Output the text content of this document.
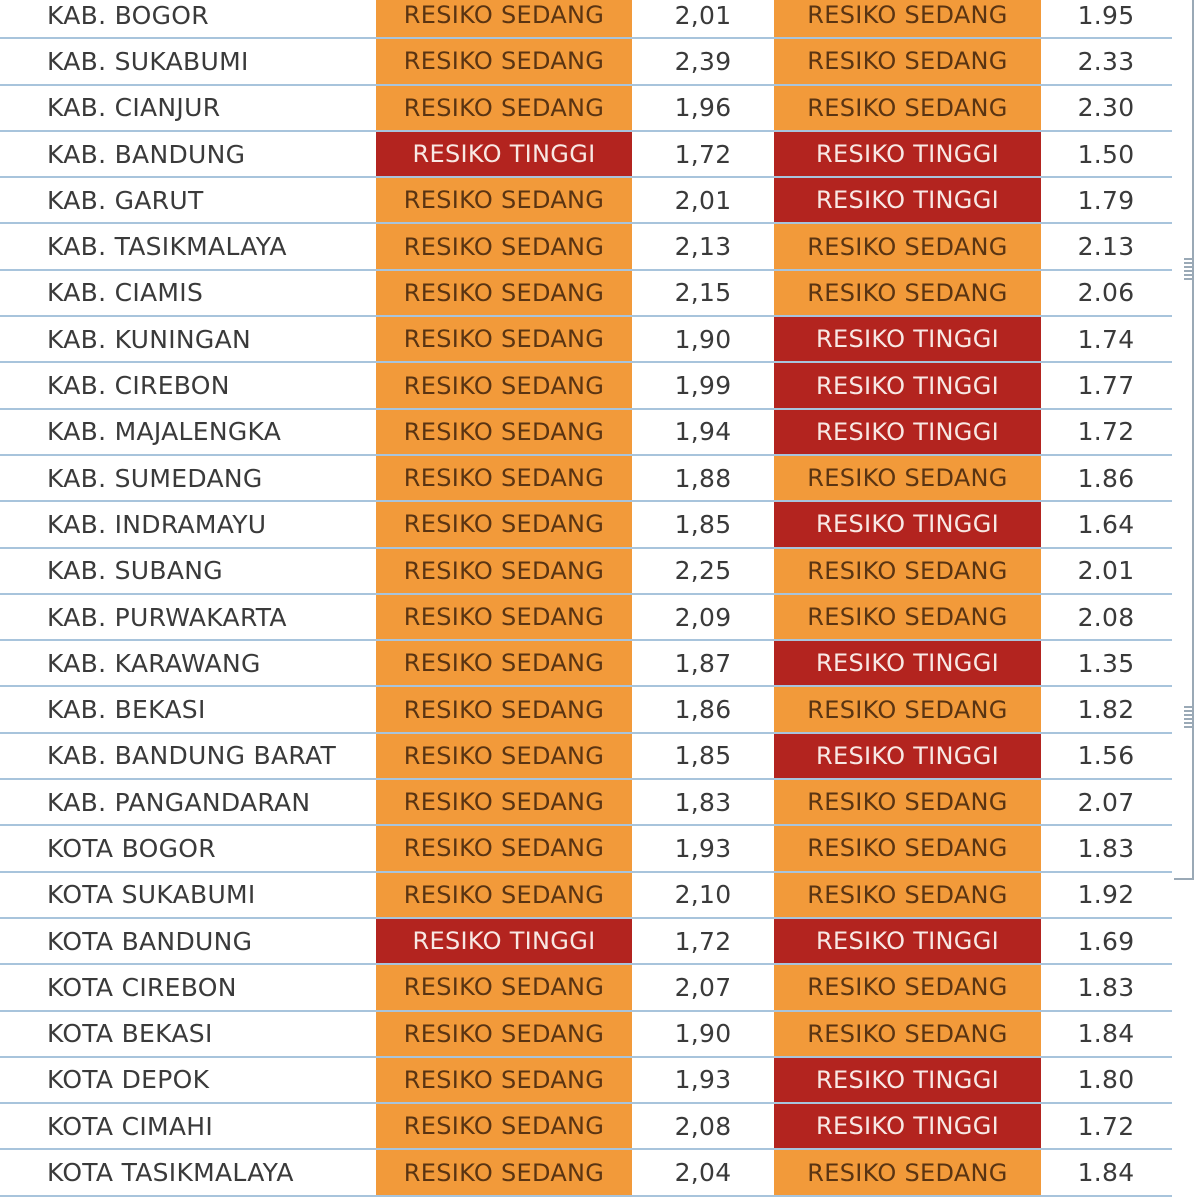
KAB. BOGOR	RESIKO SEDANG	2,01	RESIKO SEDANG	1.95
KAB. SUKABUMI	RESIKO SEDANG	2,39	RESIKO SEDANG	2.33
KAB. CIANJUR	RESIKO SEDANG	1,96	RESIKO SEDANG	2.30
KAB. BANDUNG	RESIKO TINGGI	1,72	RESIKO TINGGI	1.50
KAB. GARUT	RESIKO SEDANG	2,01	RESIKO TINGGI	1.79
KAB. TASIKMALAYA	RESIKO SEDANG	2,13	RESIKO SEDANG	2.13
KAB. CIAMIS	RESIKO SEDANG	2,15	RESIKO SEDANG	2.06
KAB. KUNINGAN	RESIKO SEDANG	1,90	RESIKO TINGGI	1.74
KAB. CIREBON	RESIKO SEDANG	1,99	RESIKO TINGGI	1.77
KAB. MAJALENGKA	RESIKO SEDANG	1,94	RESIKO TINGGI	1.72
KAB. SUMEDANG	RESIKO SEDANG	1,88	RESIKO SEDANG	1.86
KAB. INDRAMAYU	RESIKO SEDANG	1,85	RESIKO TINGGI	1.64
KAB. SUBANG	RESIKO SEDANG	2,25	RESIKO SEDANG	2.01
KAB. PURWAKARTA	RESIKO SEDANG	2,09	RESIKO SEDANG	2.08
KAB. KARAWANG	RESIKO SEDANG	1,87	RESIKO TINGGI	1.35
KAB. BEKASI	RESIKO SEDANG	1,86	RESIKO SEDANG	1.82
KAB. BANDUNG BARAT	RESIKO SEDANG	1,85	RESIKO TINGGI	1.56
KAB. PANGANDARAN	RESIKO SEDANG	1,83	RESIKO SEDANG	2.07
KOTA BOGOR	RESIKO SEDANG	1,93	RESIKO SEDANG	1.83
KOTA SUKABUMI	RESIKO SEDANG	2,10	RESIKO SEDANG	1.92
KOTA BANDUNG	RESIKO TINGGI	1,72	RESIKO TINGGI	1.69
KOTA CIREBON	RESIKO SEDANG	2,07	RESIKO SEDANG	1.83
KOTA BEKASI	RESIKO SEDANG	1,90	RESIKO SEDANG	1.84
KOTA DEPOK	RESIKO SEDANG	1,93	RESIKO TINGGI	1.80
KOTA CIMAHI	RESIKO SEDANG	2,08	RESIKO TINGGI	1.72
KOTA TASIKMALAYA	RESIKO SEDANG	2,04	RESIKO SEDANG	1.84
